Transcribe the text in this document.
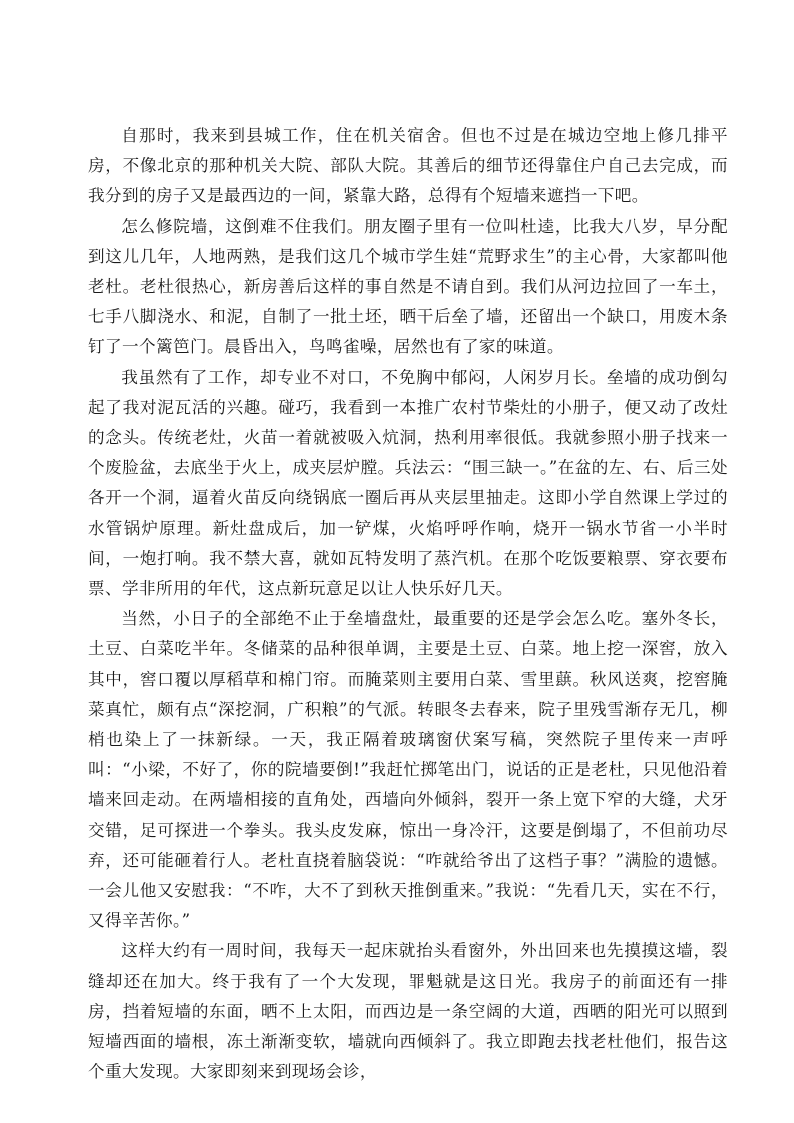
自那时，我来到县城工作，住在机关宿舍。但也不过是在城边空地上修几排平房，不像北京的那种机关大院、部队大院。其善后的细节还得靠住户自己去完成，而我分到的房子又是最西边的一间，紧靠大路，总得有个短墙来遮挡一下吧。

怎么修院墙，这倒难不住我们。朋友圈子里有一位叫杜逵，比我大八岁，早分配到这儿几年，人地两熟，是我们这几个城市学生娃“荒野求生”的主心骨，大家都叫他老杜。老杜很热心，新房善后这样的事自然是不请自到。我们从河边拉回了一车土，七手八脚浇水、和泥，自制了一批土坯，晒干后垒了墙，还留出一个缺口，用废木条钉了一个篱笆门。晨昏出入，鸟鸣雀噪，居然也有了家的味道。

我虽然有了工作，却专业不对口，不免胸中郁闷，人闲岁月长。垒墙的成功倒勾起了我对泥瓦活的兴趣。碰巧，我看到一本推广农村节柴灶的小册子，便又动了改灶的念头。传统老灶，火苗一着就被吸入炕洞，热利用率很低。我就参照小册子找来一个废脸盆，去底坐于火上，成夹层炉膛。兵法云：“围三缺一。”在盆的左、右、后三处各开一个洞，逼着火苗反向绕锅底一圈后再从夹层里抽走。这即小学自然课上学过的水管锅炉原理。新灶盘成后，加一铲煤，火焰呼呼作响，烧开一锅水节省一小半时间，一炮打响。我不禁大喜，就如瓦特发明了蒸汽机。在那个吃饭要粮票、穿衣要布票、学非所用的年代，这点新玩意足以让人快乐好几天。

当然，小日子的全部绝不止于垒墙盘灶，最重要的还是学会怎么吃。塞外冬长，土豆、白菜吃半年。冬储菜的品种很单调，主要是土豆、白菜。地上挖一深窖，放入其中，窖口覆以厚稻草和棉门帘。而腌菜则主要用白菜、雪里蕻。秋风送爽，挖窖腌菜真忙，颇有点“深挖洞，广积粮”的气派。转眼冬去春来，院子里残雪渐存无几，柳梢也染上了一抹新绿。一天，我正隔着玻璃窗伏案写稿，突然院子里传来一声呼叫：“小梁，不好了，你的院墙要倒!”我赶忙掷笔出门，说话的正是老杜，只见他沿着墙来回走动。在两墙相接的直角处，西墙向外倾斜，裂开一条上宽下窄的大缝，犬牙交错，足可探进一个拳头。我头皮发麻，惊出一身冷汗，这要是倒塌了，不但前功尽弃，还可能砸着行人。老杜直挠着脑袋说：“咋就给爷出了这档子事？”满脸的遗憾。一会儿他又安慰我：“不咋，大不了到秋天推倒重来。”我说：“先看几天，实在不行，又得辛苦你。”

这样大约有一周时间，我每天一起床就抬头看窗外，外出回来也先摸摸这墙，裂缝却还在加大。终于我有了一个大发现，罪魁就是这日光。我房子的前面还有一排房，挡着短墙的东面，晒不上太阳，而西边是一条空阔的大道，西晒的阳光可以照到短墙西面的墙根，冻土渐渐变软，墙就向西倾斜了。我立即跑去找老杜他们，报告这个重大发现。大家即刻来到现场会诊，
